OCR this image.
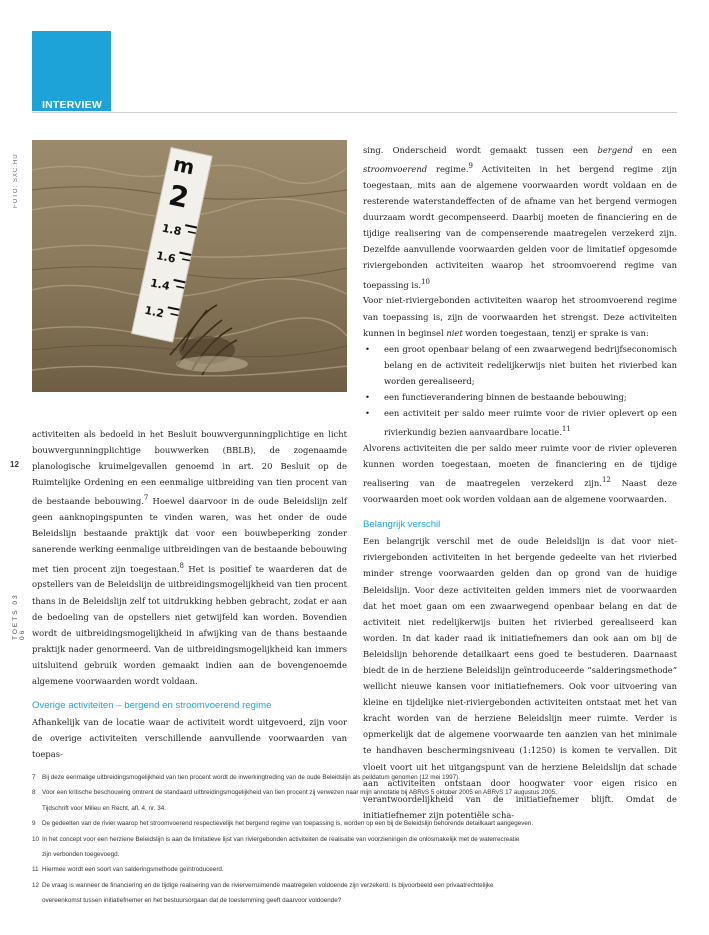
INTERVIEW
FOTO: SXC.HU
12
TOETS 03 06
m
2
1.8
1.6
1.4
1.2

activiteiten als bedoeld in het Besluit bouwvergunningplichtige en licht bouwvergunningplichtige bouwwerken (BBLB), de zogenaamde planologische kruimelgevallen genoemd in art. 20 Besluit op de Ruimtelijke Ordening en een eenmalige uitbreiding van tien procent van de bestaande bebouwing.$^7$ Hoewel daarvoor in de oude Beleidslijn zelf geen aanknopingspunten te vinden waren, was het onder de oude Beleidslijn bestaande praktijk dat voor een bouwbeperking zonder sanerende werking eenmalige uitbreidingen van de bestaande bebouwing met tien procent zijn toegestaan.$^8$ Het is positief te waarderen dat de opstellers van de Beleidslijn de uitbreidingsmogelijkheid van tien procent thans in de Beleidslijn zelf tot uitdrukking hebben gebracht, zodat er aan de bedoeling van de opstellers niet getwijfeld kan worden. Bovendien wordt de uitbreidingsmogelijkheid in afwijking van de thans bestaande praktijk nader genormeerd. Van de uitbreidingsmogelijkheid kan immers uitsluitend gebruik worden gemaakt indien aan de bovengenoemde algemene voorwaarden wordt voldaan.

Overige activiteiten – bergend en stroomvoerend regime

Afhankelijk van de locatie waar de activiteit wordt uitgevoerd, zijn voor de overige activiteiten verschillende aanvullende voorwaarden van toepas-

sing. Onderscheid wordt gemaakt tussen een bergend en een stroomvoerend regime.$^9$ Activiteiten in het bergend regime zijn toegestaan, mits aan de algemene voorwaarden wordt voldaan en de resterende waterstandeffecten of de afname van het bergend vermogen duurzaam wordt gecompenseerd. Daarbij moeten de financiering en de tijdige realisering van de compenserende maatregelen verzekerd zijn. Dezelfde aanvullende voorwaarden gelden voor de limitatief opgesomde riviergebonden activiteiten waarop het stroomvoerend regime van toepassing is.$^{10}$

Voor niet-riviergebonden activiteiten waarop het stroomvoerend regime van toepassing is, zijn de voorwaarden het strengst. Deze activiteiten kunnen in beginsel niet worden toegestaan, tenzij er sprake is van:

• een groot openbaar belang of een zwaarwegend bedrijfseconomisch belang en de activiteit redelijkerwijs niet buiten het rivierbed kan worden gerealiseerd;
• een functieverandering binnen de bestaande bebouwing;
• een activiteit per saldo meer ruimte voor de rivier oplevert op een rivierkundig bezien aanvaardbare locatie.$^{11}$

Alvorens activiteiten die per saldo meer ruimte voor de rivier opleveren kunnen worden toegestaan, moeten de financiering en de tijdige realisering van de maatregelen verzekerd zijn.$^{12}$ Naast deze voorwaarden moet ook worden voldaan aan de algemene voorwaarden.

Belangrijk verschil

Een belangrijk verschil met de oude Beleidslijn is dat voor niet-riviergebonden activiteiten in het bergende gedeelte van het rivierbed minder strenge voorwaarden gelden dan op grond van de huidige Beleidslijn. Voor deze activiteiten gelden immers niet de voorwaarden dat het moet gaan om een zwaarwegend openbaar belang en dat de activiteit niet redelijkerwijs buiten het rivierbed gerealiseerd kan worden. In dat kader raad ik initiatiefnemers dan ook aan om bij de Beleidslijn behorende detailkaart eens goed te bestuderen. Daarnaast biedt de in de herziene Beleidslijn geïntroduceerde “salderingsmethode” wellicht nieuwe kansen voor initiatiefnemers. Ook voor uitvoering van kleine en tijdelijke niet-riviergebonden activiteiten ontstaat met het van kracht worden van de herziene Beleidslijn meer ruimte. Verder is opmerkelijk dat de algemene voorwaarde ten aanzien van het minimale te handhaven beschermingsniveau (1:1250) is komen te vervallen. Dit vloeit voort uit het uitgangspunt van de herziene Beleidslijn dat schade aan activiteiten ontstaan door hoogwater voor eigen risico en verantwoordelijkheid van de initiatiefnemer blijft. Omdat de initiatiefnemer zijn potentiële scha-

7	Bij deze eenmalige uitbreidingsmogelijkheid van tien procent wordt de inwerkingtreding van de oude Beleidslijn als peildatum genomen (12 mei 1997).
8	Voor een kritische beschouwing omtrent de standaard uitbreidingsmogelijkheid van tien procent zij verwezen naar mijn annotatie bij ABRvS 5 oktober 2005 en ABRvS 17 augustus 2005,
Tijdschrift voor Milieu en Recht, afl. 4, nr. 34.
9	De gedeelten van de rivier waarop het stroomvoerend respectievelijk het bergend regime van toepassing is, worden op een bij de Beleidslijn behorende detailkaart aangegeven.
10 In het concept voor een herziene Beleidslijn is aan de limitatieve lijst van riviergebonden activiteiten de realisatie van voorzieningen die onlosmakelijk met de waterrecreatie
zijn verbonden toegevoegd.
11 Hiermee wordt een soort van salderingsmethode geïntroduceerd.
12 De vraag is wanneer de financiering en de tijdige realisering van de rivierverruimende maatregelen voldoende zijn verzekerd. Is bijvoorbeeld een privaatrechtelijke
overeenkomst tussen initiatiefnemer en het bestuursorgaan dat de toestemming geeft daarvoor voldoende?
